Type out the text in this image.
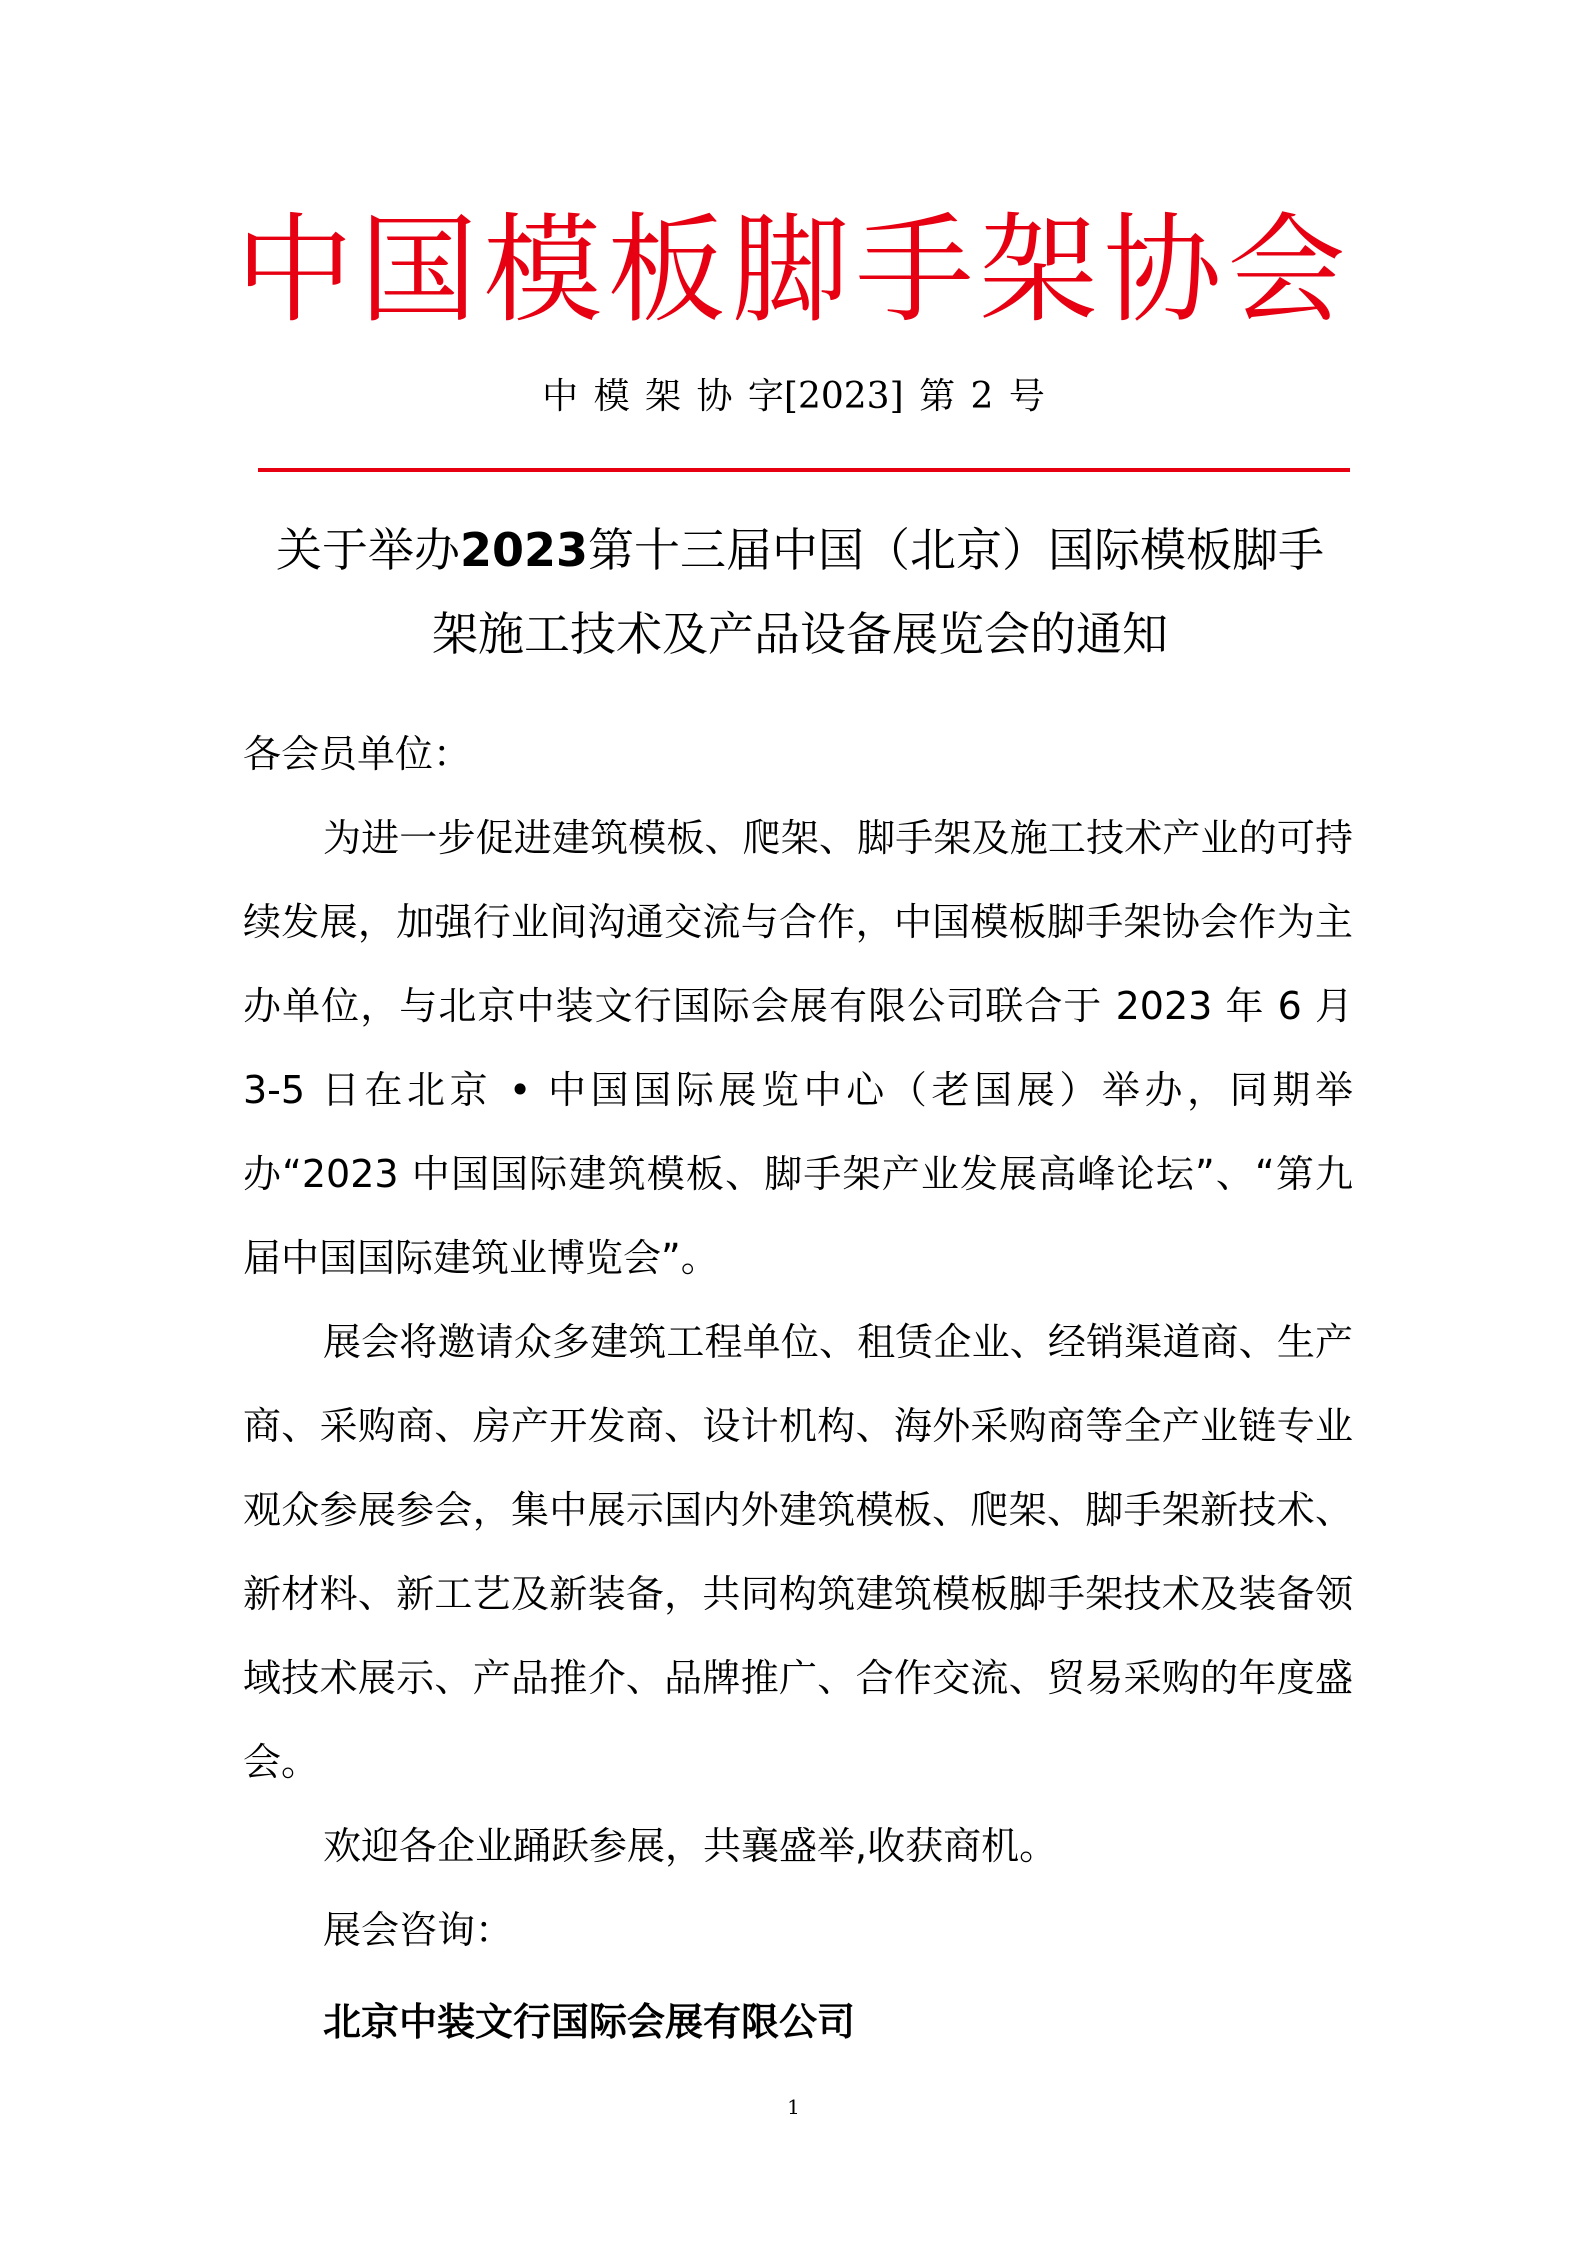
中国模板脚手架协会
中 模 架 协 字[2023] 第 2 号
关于举办2023第十三届中国（北京）国际模板脚手
架施工技术及产品设备展览会的通知

各会员单位：

为进一步促进建筑模板、爬架、脚手架及施工技术产业的可持续发展，加强行业间沟通交流与合作，中国模板脚手架协会作为主办单位，与北京中装文行国际会展有限公司联合于 2023 年 6 月 3-5 日在北京 • 中国国际展览中心（老国展）举办，同期举办“2023 中国国际建筑模板、脚手架产业发展高峰论坛”、“第九届中国国际建筑业博览会”。

展会将邀请众多建筑工程单位、租赁企业、经销渠道商、生产商、采购商、房产开发商、设计机构、海外采购商等全产业链专业观众参展参会，集中展示国内外建筑模板、爬架、脚手架新技术、新材料、新工艺及新装备，共同构筑建筑模板脚手架技术及装备领域技术展示、产品推介、品牌推广、合作交流、贸易采购的年度盛会。

欢迎各企业踊跃参展，共襄盛举,收获商机。

展会咨询：

北京中装文行国际会展有限公司

1
